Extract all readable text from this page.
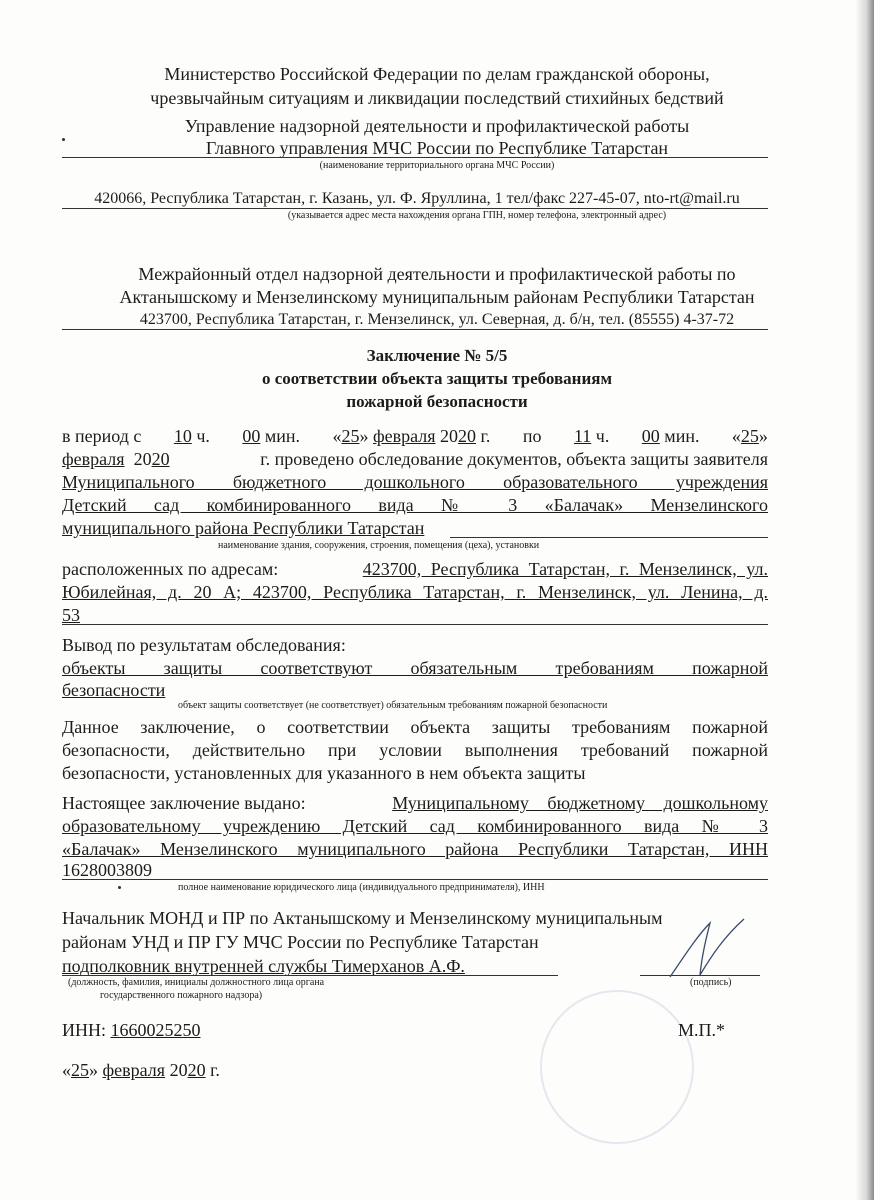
Министерство Российской Федерации по делам гражданской обороны,
чрезвычайным ситуациям и ликвидации последствий стихийных бедствий
Управление надзорной деятельности и профилактической работы
Главного управления МЧС России по Республике Татарстан
(наименование территориального органа МЧС России)
420066, Республика Татарстан, г. Казань, ул. Ф. Яруллина, 1 тел/факс 227-45-07, nto-rt@mail.ru
(указывается адрес места нахождения органа ГПН, номер телефона, электронный адрес)
Межрайонный отдел надзорной деятельности и профилактической работы по
Актанышскому и Мензелинскому муниципальным районам Республики Татарстан
423700, Республика Татарстан, г. Мензелинск, ул. Северная, д. б/н, тел. (85555) 4-37-72
Заключение № 5/5
о соответствии объекта защиты требованиям
пожарной безопасности
в период с 10 ч. 00 мин. «25» февраля 2020 г. по 11 ч. 00 мин. «25»
февраля 2020	г. проведено обследование документов, объекта защиты заявителя
Муниципального бюджетного дошкольного образовательного учреждения
Детский сад комбинированного вида № 3 «Балачак» Мензелинского
муниципального района Республики Татарстан
наименование здания, сооружения, строения, помещения (цеха), установки
расположенных по адресам:	423700, Республика Татарстан, г. Мензелинск, ул.
Юбилейная, д. 20 А; 423700, Республика Татарстан, г. Мензелинск, ул. Ленина, д.
53
Вывод по результатам обследования:
объекты защиты соответствуют обязательным требованиям пожарной
безопасности
объект защиты соответствует (не соответствует) обязательным требованиям пожарной безопасности
Данное заключение, о соответствии объекта защиты требованиям пожарной
безопасности, действительно при условии выполнения требований пожарной
безопасности, установленных для указанного в нем объекта защиты
Настоящее заключение выдано:	Муниципальному бюджетному дошкольному
образовательному учреждению Детский сад комбинированного вида № 3
«Балачак» Мензелинского муниципального района Республики Татарстан, ИНН
1628003809
полное наименование юридического лица (индивидуального предпринимателя), ИНН
Начальник МОНД и ПР по Актанышскому и Мензелинскому муниципальным
районам УНД и ПР ГУ МЧС России по Республике Татарстан
подполковник внутренней службы Тимерханов А.Ф.
(должность, фамилия, инициалы должностного лица органа
государственного пожарного надзора)
(подпись)
ИНН: 1660025250	М.П.*
«25» февраля 2020 г.
